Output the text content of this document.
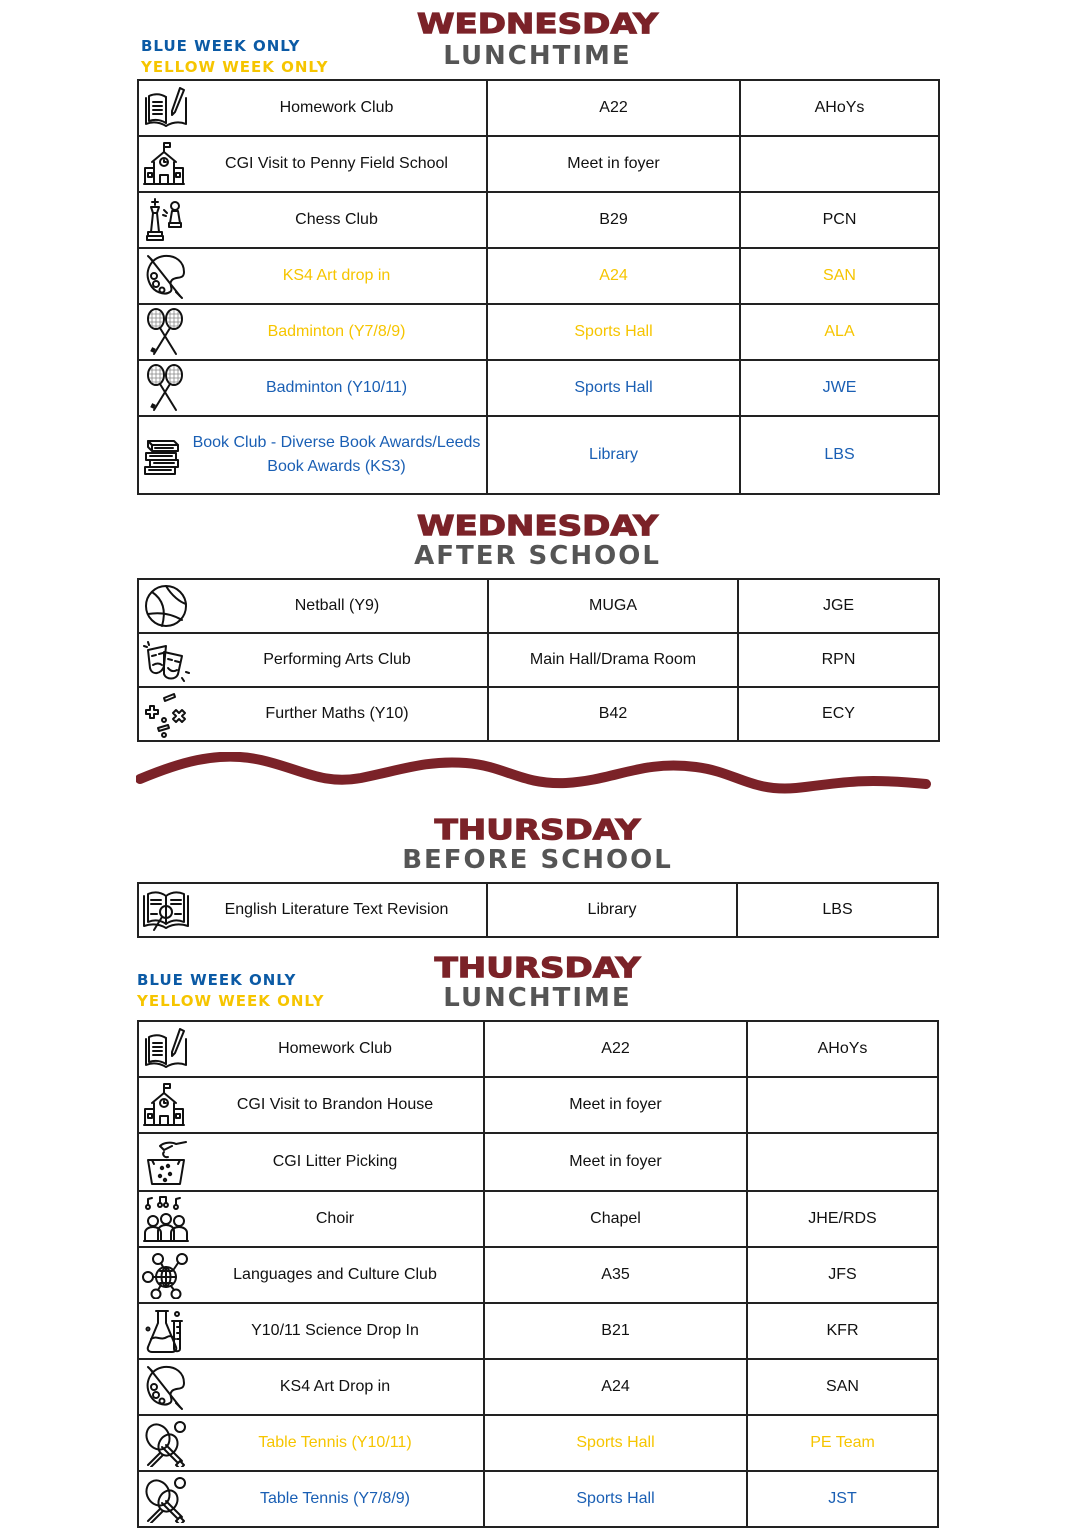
BLUE WEEK ONLY
YELLOW WEEK ONLY
WEDNESDAY
LUNCHTIME
Homework Club	A22	AHoYs

CGI Visit to Penny Field School	Meet in foyer	

Chess Club	B29	PCN

KS4 Art drop in	A24	SAN

Badminton (Y7/8/9)	Sports Hall	ALA

Badminton (Y10/11)	Sports Hall	JWE

Book Club - Diverse Book Awards/Leeds Book Awards (KS3)	Library	LBS
WEDNESDAY
AFTER SCHOOL
Netball (Y9)	MUGA	JGE

Performing Arts Club	Main Hall/Drama Room	RPN

Further Maths (Y10)	B42	ECY
THURSDAY
BEFORE SCHOOL
English Literature Text Revision	Library	LBS
BLUE WEEK ONLY
YELLOW WEEK ONLY
THURSDAY
LUNCHTIME
Homework Club	A22	AHoYs

CGI Visit to Brandon House	Meet in foyer	

CGI Litter Picking	Meet in foyer	

Choir	Chapel	JHE/RDS

Languages and Culture Club	A35	JFS

Y10/11 Science Drop In	B21	KFR

KS4 Art Drop in	A24	SAN

Table Tennis (Y10/11)	Sports Hall	PE Team

Table Tennis (Y7/8/9)	Sports Hall	JST
